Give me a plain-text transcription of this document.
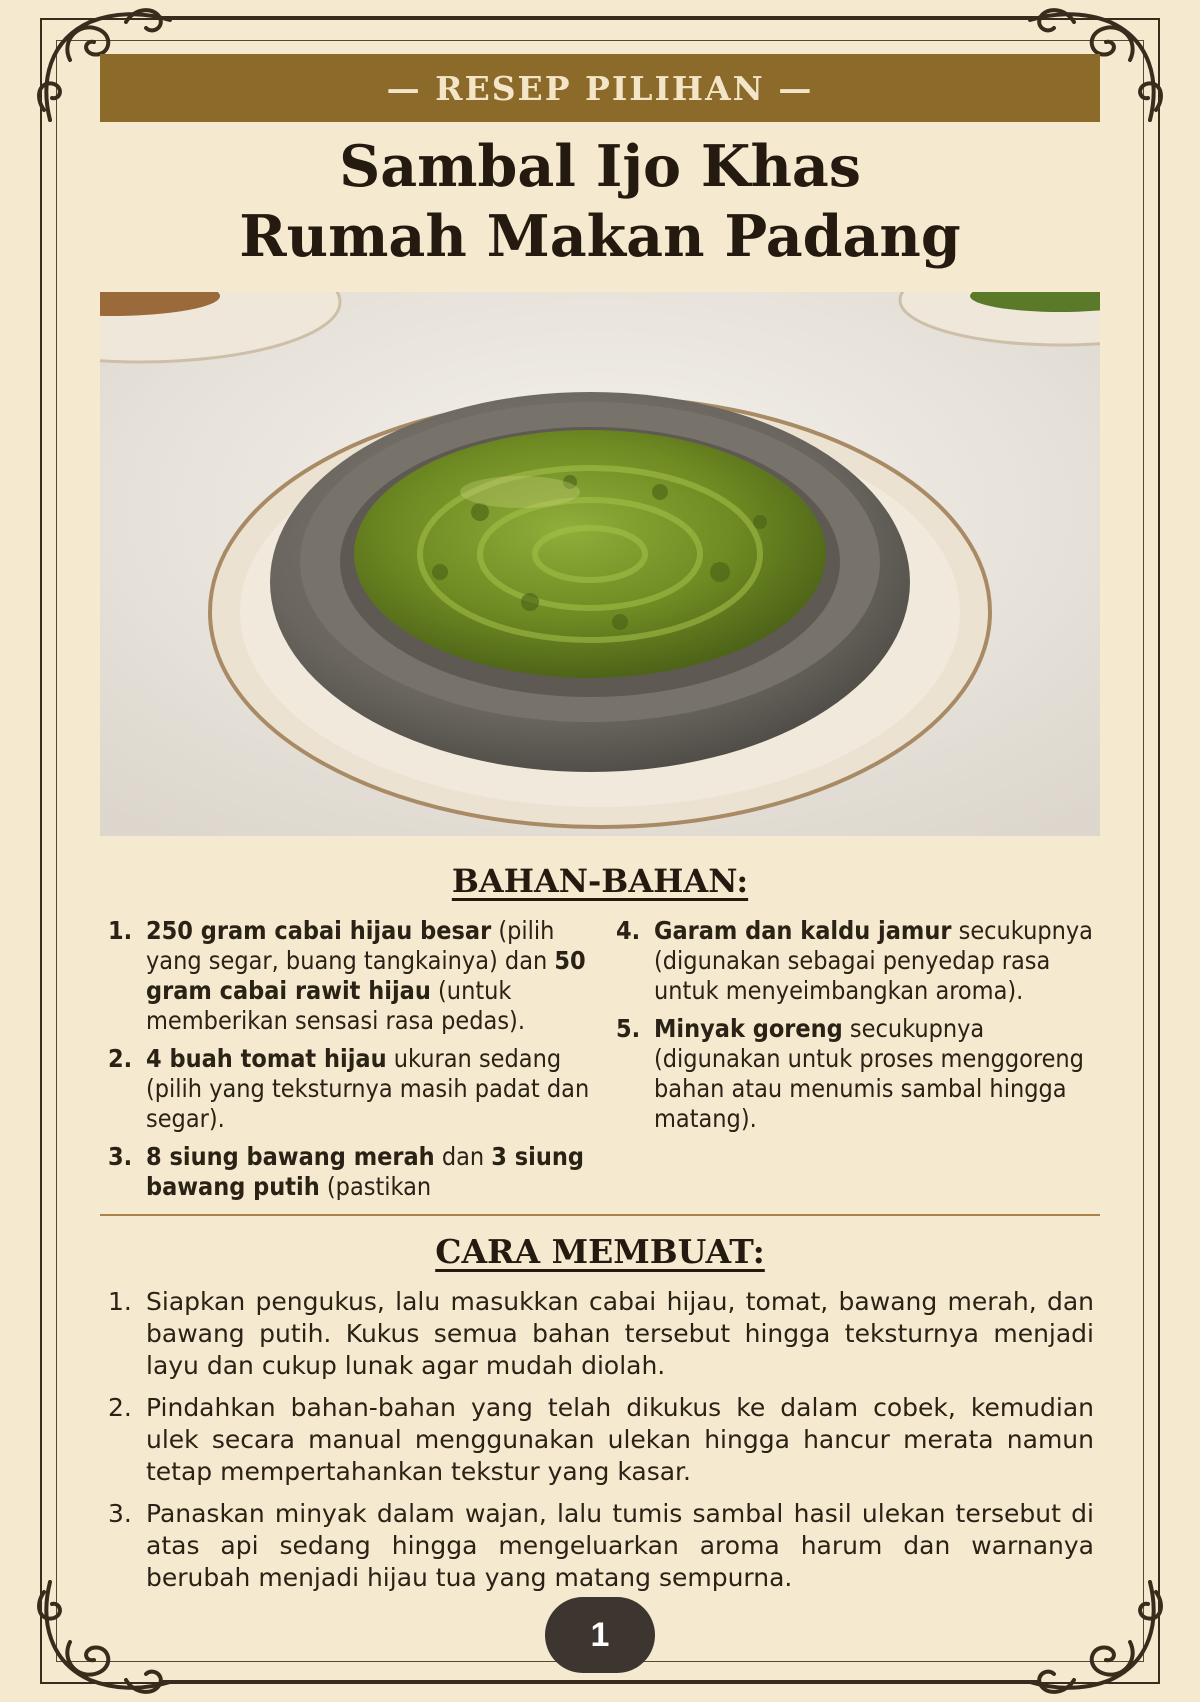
— RESEP PILIHAN —
Sambal Ijo Khas
Rumah Makan Padang
BAHAN-BAHAN:
1. 250 gram cabai hijau besar (pilih yang segar, buang tangkainya) dan 50 gram cabai rawit hijau (untuk memberikan sensasi rasa pedas).
2. 4 buah tomat hijau ukuran sedang (pilih yang teksturnya masih padat dan segar).
3. 8 siung bawang merah dan 3 siung bawang putih (pastikan
4. Garam dan kaldu jamur secukupnya (digunakan sebagai penyedap rasa untuk menyeimbangkan aroma).
5. Minyak goreng secukupnya (digunakan untuk proses menggoreng bahan atau menumis sambal hingga matang).
CARA MEMBUAT:
1. Siapkan pengukus, lalu masukkan cabai hijau, tomat, bawang merah, dan bawang putih. Kukus semua bahan tersebut hingga teksturnya menjadi layu dan cukup lunak agar mudah diolah.
2. Pindahkan bahan-bahan yang telah dikukus ke dalam cobek, kemudian ulek secara manual menggunakan ulekan hingga hancur merata namun tetap mempertahankan tekstur yang kasar.
3. Panaskan minyak dalam wajan, lalu tumis sambal hasil ulekan tersebut di atas api sedang hingga mengeluarkan aroma harum dan warnanya berubah menjadi hijau tua yang matang sempurna.
1
